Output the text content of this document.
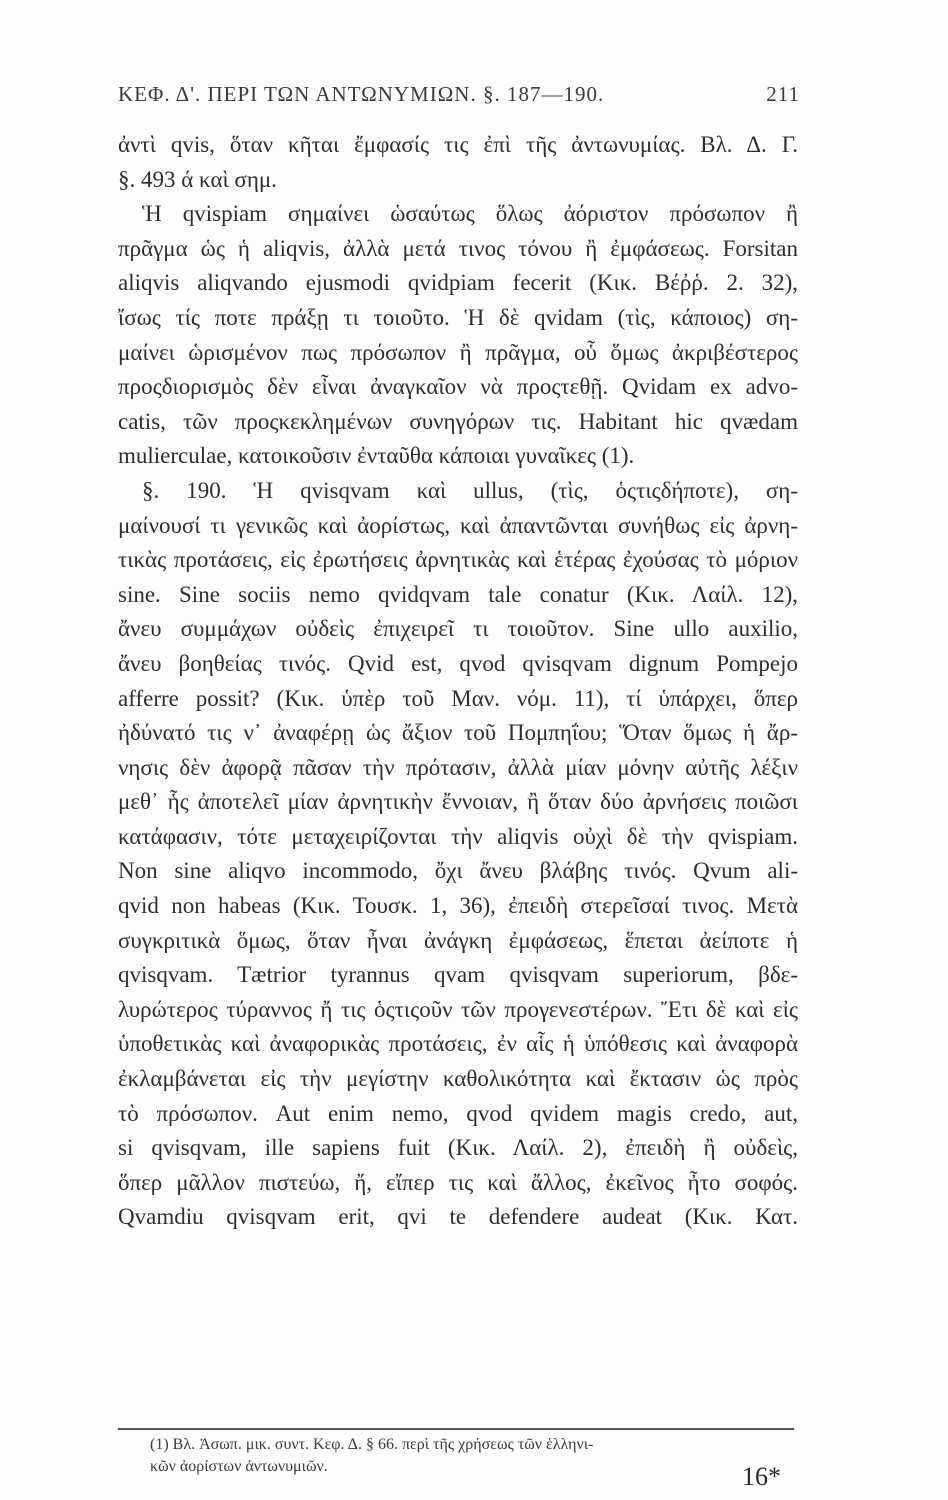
ΚΕΦ. Δ'. ΠΕΡΙ ΤΩΝ ΑΝΤΩΝΥΜΙΩΝ. §. 187—190.	211
ἀντὶ qvis, ὅταν κῆται ἔμφασίς τις ἐπὶ τῆς ἀντωνυμίας. Βλ. Δ. Γ.
§. 493 ά καὶ σημ.
Ἡ qvispiam σημαίνει ὡσαύτως ὅλως ἀόριστον πρόσωπον ἢ
πρᾶγμα ὡς ἡ aliqvis, ἀλλὰ μετά τινος τόνου ἢ ἐμφάσεως. Forsitan
aliqvis aliqvando ejusmodi qvidpiam fecerit (Κικ. Βέῤῥ. 2. 32),
ἴσως τίς ποτε πράξῃ τι τοιοῦτο. Ἡ δὲ qvidam (τὶς, κάποιος) ση-
μαίνει ὡρισμένον πως πρόσωπον ἢ πρᾶγμα, οὗ ὅμως ἀκριβέστερος
προςδιορισμὸς δὲν εἶναι ἀναγκαῖον νὰ προςτεθῇ. Qvidam ex advo-
catis, τῶν προςκεκλημένων συνηγόρων τις. Habitant hic qvædam
mulierculae, κατοικοῦσιν ἐνταῦθα κάποιαι γυναῖκες (1).
§. 190. Ἡ qvisqvam καὶ ullus, (τὶς, ὁςτιςδήποτε), ση-
μαίνουσί τι γενικῶς καὶ ἀορίστως, καὶ ἀπαντῶνται συνήθως εἰς ἀρνη-
τικὰς προτάσεις, εἰς ἐρωτήσεις ἀρνητικὰς καὶ ἑτέρας ἐχούσας τὸ μόριον
sine. Sine sociis nemo qvidqvam tale conatur (Κικ. Λαίλ. 12),
ἄνευ συμμάχων οὐδεὶς ἐπιχειρεῖ τι τοιοῦτον. Sine ullo auxilio,
ἄνευ βοηθείας τινός. Qvid est, qvod qvisqvam dignum Pompejo
afferre possit? (Κικ. ὑπὲρ τοῦ Μαν. νόμ. 11), τί ὑπάρχει, ὅπερ
ἠδύνατό τις ν᾽ ἀναφέρῃ ὡς ἄξιον τοῦ Πομπηΐου; Ὅταν ὅμως ἡ ἄρ-
νησις δὲν ἀφορᾷ πᾶσαν τὴν πρότασιν, ἀλλὰ μίαν μόνην αὐτῆς λέξιν
μεθ᾽ ἧς ἀποτελεῖ μίαν ἀρνητικὴν ἔννοιαν, ἢ ὅταν δύο ἀρνήσεις ποιῶσι
κατάφασιν, τότε μεταχειρίζονται τὴν aliqvis οὐχὶ δὲ τὴν qvispiam.
Non sine aliqvo incommodo, ὄχι ἄνευ βλάβης τινός. Qvum ali-
qvid non habeas (Κικ. Τουσκ. 1, 36), ἐπειδὴ στερεῖσαί τινος. Μετὰ
συγκριτικὰ ὅμως, ὅταν ἦναι ἀνάγκη ἐμφάσεως, ἕπεται ἀείποτε ἡ
qvisqvam. Tætrior tyrannus qvam qvisqvam superiorum, βδε-
λυρώτερος τύραννος ἤ τις ὁςτιςοῦν τῶν προγενεστέρων. Ἔτι δὲ καὶ εἰς
ὑποθετικὰς καὶ ἀναφορικὰς προτάσεις, ἐν αἷς ἡ ὑπόθεσις καὶ ἀναφορὰ
ἐκλαμβάνεται εἰς τὴν μεγίστην καθολικότητα καὶ ἔκτασιν ὡς πρὸς
τὸ πρόσωπον. Aut enim nemo, qvod qvidem magis credo, aut,
si qvisqvam, ille sapiens fuit (Κικ. Λαίλ. 2), ἐπειδὴ ἢ οὐδεὶς,
ὅπερ μᾶλλον πιστεύω, ἤ, εἴπερ τις καὶ ἄλλος, ἐκεῖνος ἦτο σοφός.
Qvamdiu qvisqvam erit, qvi te defendere audeat (Κικ. Κατ.
(1) Βλ. Ἀσωπ. μικ. συντ. Κεφ. Δ. § 66. περὶ τῆς χρήσεως τῶν ἑλληνι-
κῶν ἀορίστων ἀντωνυμιῶν.	16*
